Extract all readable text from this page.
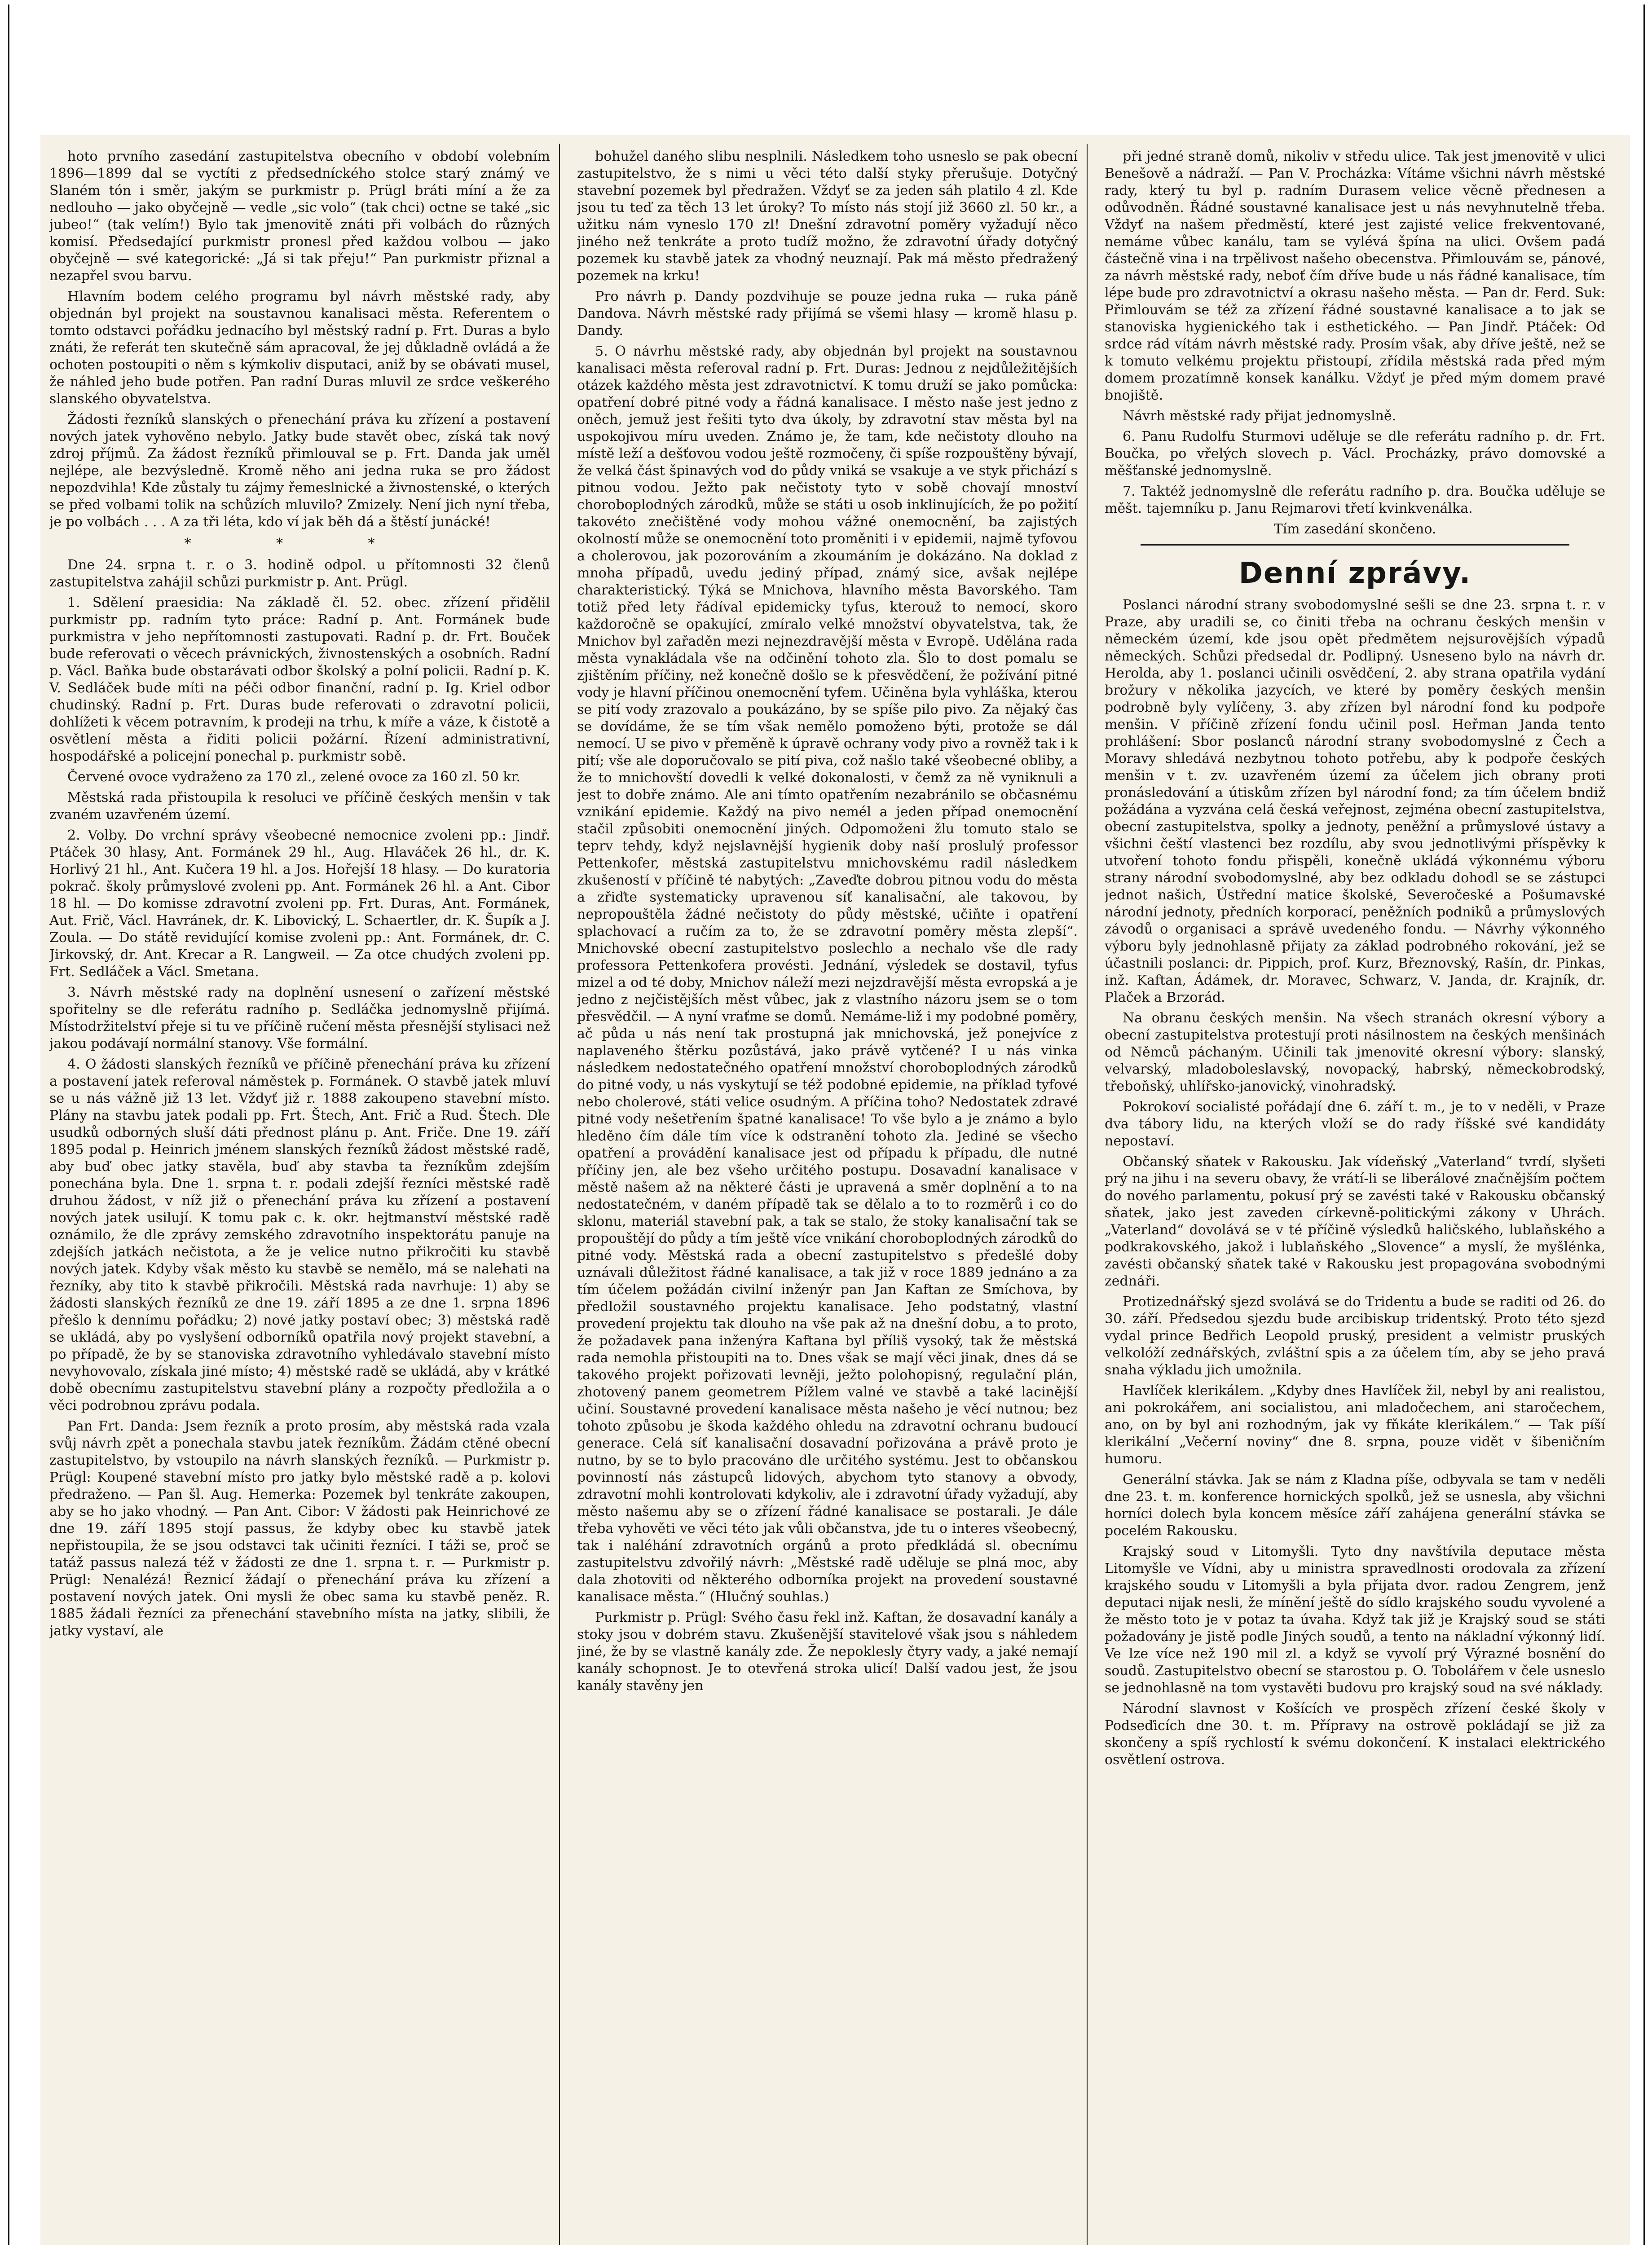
hoto prvního zasedání zastupitelstva obecního v období volebním 1896—1899 dal se vyctíti z předsedníckého stolce starý známý ve Slaném tón i směr, jakým se purkmistr p. Prügl bráti míní a že za nedlouho — jako obyčejně — vedle „sic volo“ (tak chci) octne se také „sic jubeo!“ (tak velím!) Bylo tak jmenovitě znáti při volbách do různých komisí. Předsedající purkmistr pronesl před každou volbou — jako obyčejně — své kategorické: „Já si tak přeju!“ Pan purkmistr přiznal a nezapřel svou barvu.

Hlavním bodem celého programu byl návrh městské rady, aby objednán byl projekt na soustavnou kanalisaci města. Referentem o tomto odstavci pořádku jednacího byl městský radní p. Frt. Duras a bylo znáti, že referát ten skutečně sám apracoval, že jej důkladně ovládá a že ochoten postoupiti o něm s kýmkoliv disputaci, aniž by se obávati musel, že náhled jeho bude potřen. Pan radní Duras mluvil ze srdce veškerého slanského obyvatelstva.

Žádosti řezníků slanských o přenechání práva ku zřízení a postavení nových jatek vyhověno nebylo. Jatky bude stavět obec, získá tak nový zdroj příjmů. Za žádost řezníků přimlouval se p. Frt. Danda jak uměl nejlépe, ale bezvýsledně. Kromě něho ani jedna ruka se pro žádost nepozdvihla! Kde zůstaly tu zájmy řemeslnické a živnostenské, o kterých se před volbami tolik na schůzích mluvilo? Zmizely. Není jich nyní třeba, je po volbách . . . A za tři léta, kdo ví jak běh dá a štěstí junácké!

* * *

Dne 24. srpna t. r. o 3. hodině odpol. u přítomnosti 32 členů zastupitelstva zahájil schůzi purkmistr p. Ant. Prügl.

1. Sdělení praesidia: Na základě čl. 52. obec. zřízení přidělil purkmistr pp. radním tyto práce: Radní p. Ant. Formánek bude purkmistra v jeho nepřítomnosti zastupovati. Radní p. dr. Frt. Bouček bude referovati o věcech právnických, živnostenských a osobních. Radní p. Václ. Baňka bude obstarávati odbor školský a polní policii. Radní p. K. V. Sedláček bude míti na péči odbor finanční, radní p. Ig. Kriel odbor chudinský. Radní p. Frt. Duras bude referovati o zdravotní policii, dohlížeti k věcem potravním, k prodeji na trhu, k míře a váze, k čistotě a osvětlení města a řiditi policii požární. Řízení administrativní, hospodářské a policejní ponechal p. purkmistr sobě.

Červené ovoce vydraženo za 170 zl., zelené ovoce za 160 zl. 50 kr.

Městská rada přistoupila k resoluci ve příčině českých menšin v tak zvaném uzavřeném území.

2. Volby. Do vrchní správy všeobecné nemocnice zvoleni pp.: Jindř. Ptáček 30 hlasy, Ant. Formánek 29 hl., Aug. Hlaváček 26 hl., dr. K. Horlivý 21 hl., Ant. Kučera 19 hl. a Jos. Hořejší 18 hlasy. — Do kuratoria pokrač. školy průmyslové zvoleni pp. Ant. Formánek 26 hl. a Ant. Cibor 18 hl. — Do komisse zdravotní zvoleni pp. Frt. Duras, Ant. Formánek, Aut. Frič, Václ. Havránek, dr. K. Libovický, L. Schaertler, dr. K. Šupík a J. Zoula. — Do státě revidující komise zvoleni pp.: Ant. Formánek, dr. C. Jirkovský, dr. Ant. Krecar a R. Langweil. — Za otce chudých zvoleni pp. Frt. Sedláček a Václ. Smetana.

3. Návrh městské rady na doplnění usnesení o zařízení městské spořitelny se dle referátu radního p. Sedláčka jednomyslně přijímá. Místodržitelství přeje si tu ve příčině ručení města přesnější stylisaci než jakou podávají normální stanovy. Vše formální.

4. O žádosti slanských řezníků ve příčině přenechání práva ku zřízení a postavení jatek referoval náměstek p. Formánek. O stavbě jatek mluví se u nás vážně již 13 let. Vždyť již r. 1888 zakoupeno stavební místo. Plány na stavbu jatek podali pp. Frt. Štech, Ant. Frič a Rud. Štech. Dle usudků odborných sluší dáti přednost plánu p. Ant. Friče. Dne 19. září 1895 podal p. Heinrich jménem slanských řezníků žádost městské radě, aby buď obec jatky stavěla, buď aby stavba ta řezníkům zdejším ponechána byla. Dne 1. srpna t. r. podali zdejší řezníci městské radě druhou žádost, v níž již o přenechání práva ku zřízení a postavení nových jatek usilují. K tomu pak c. k. okr. hejtmanství městské radě oznámilo, že dle zprávy zemského zdravotního inspektorátu panuje na zdejších jatkách nečistota, a že je velice nutno přikročiti ku stavbě nových jatek. Kdyby však město ku stavbě se nemělo, má se nalehati na řezníky, aby tito k stavbě přikročili. Městská rada navrhuje: 1) aby se žádosti slanských řezníků ze dne 19. září 1895 a ze dne 1. srpna 1896 přešlo k dennímu pořádku; 2) nové jatky postaví obec; 3) městská radě se ukládá, aby po vyslyšení odborníků opatřila nový projekt stavební, a po případě, že by se stanoviska zdravotního vyhledávalo stavební místo nevyhovovalo, získala jiné místo; 4) městské radě se ukládá, aby v krátké době obecnímu zastupitelstvu stavební plány a rozpočty předložila a o věci podrobnou zprávu podala.

Pan Frt. Danda: Jsem řezník a proto prosím, aby městská rada vzala svůj návrh zpět a ponechala stavbu jatek řezníkům. Žádám ctěné obecní zastupitelstvo, by vstoupilo na návrh slanských řezníků. — Purkmistr p. Prügl: Koupené stavební místo pro jatky bylo městské radě a p. kolovi předraženo. — Pan šl. Aug. Hemerka: Pozemek byl tenkráte zakoupen, aby se ho jako vhodný. — Pan Ant. Cibor: V žádosti pak Heinrichové ze dne 19. září 1895 stojí passus, že kdyby obec ku stavbě jatek nepřistoupila, že se jsou odstavci tak učiniti řezníci. I táži se, proč se tatáž passus nalezá též v žádosti ze dne 1. srpna t. r. — Purkmistr p. Prügl: Nenalézá! Řeznicí žádají o přenechání práva ku zřízení a postavení nových jatek. Oni mysli že obec sama ku stavbě peněz. R. 1885 žádali řezníci za přenechání stavebního místa na jatky, slibili, že jatky vystaví, ale

bohužel daného slibu nesplnili. Následkem toho usneslo se pak obecní zastupitelstvo, že s nimi u věci této další styky přerušuje. Dotyčný stavební pozemek byl předražen. Vždyť se za jeden sáh platilo 4 zl. Kde jsou tu teď za těch 13 let úroky? To místo nás stojí již 3660 zl. 50 kr., a užitku nám vyneslo 170 zl! Dnešní zdravotní poměry vyžadují něco jiného než tenkráte a proto tudíž možno, že zdravotní úřady dotyčný pozemek ku stavbě jatek za vhodný neuznají. Pak má město předražený pozemek na krku!

Pro návrh p. Dandy pozdvihuje se pouze jedna ruka — ruka páně Dandova. Návrh městské rady přijímá se všemi hlasy — kromě hlasu p. Dandy.

5. O návrhu městské rady, aby objednán byl projekt na soustavnou kanalisaci města referoval radní p. Frt. Duras: Jednou z nejdůležitějších otázek každého města jest zdravotnictví. K tomu druží se jako pomůcka: opatření dobré pitné vody a řádná kanalisace. I město naše jest jedno z oněch, jemuž jest řešiti tyto dva úkoly, by zdravotní stav města byl na uspokojivou míru uveden. Známo je, že tam, kde nečistoty dlouho na místě leží a dešťovou vodou ještě rozmočeny, či spíše rozpouštěny bývají, že velká část špinavých vod do půdy vniká se vsakuje a ve styk přichází s pitnou vodou. Ježto pak nečistoty tyto v sobě chovají mnoství choroboplodných zárodků, může se státi u osob inklinujících, že po požití takovéto znečištěné vody mohou vážné onemocnění, ba zajistých okolností může se onemocnění toto proměniti i v epidemii, najmě tyfovou a cholerovou, jak pozorováním a zkoumáním je dokázáno. Na doklad z mnoha případů, uvedu jediný případ, známý sice, avšak nejlépe charakteristický. Týká se Mnichova, hlavního města Bavorského. Tam totiž před lety řádíval epidemicky tyfus, kterouž to nemocí, skoro každoročně se opakující, zmíralo velké množství obyvatelstva, tak, že Mnichov byl zařaděn mezi nejnezdravější města v Evropě. Udělána rada města vynakládala vše na odčinění tohoto zla. Šlo to dost pomalu se zjištěním příčiny, než konečně došlo se k přesvědčení, že požívání pitné vody je hlavní příčinou onemocnění tyfem. Učiněna byla vyhláška, kterou se pití vody zrazovalo a poukázáno, by se spíše pilo pivo. Za nějaký čas se dovídáme, že se tím však nemělo pomoženo býti, protože se dál nemocí. U se pivo v přeměně k úpravě ochrany vody pivo a rovněž tak i k pití; vše ale doporučovalo se pití piva, což našlo také všeobecné obliby, a že to mnichovští dovedli k velké dokonalosti, v čemž za ně vyniknuli a jest to dobře známo. Ale ani tímto opatřením nezabránilo se občasnému vznikání epidemie. Každý na pivo nemél a jeden případ onemocnění stačil způsobiti onemocnění jiných. Odpomoženi žlu tomuto stalo se teprv tehdy, když nejslavnější hygienik doby naší proslulý professor Pettenkofer, městská zastupitelstvu mnichovskému radil následkem zkušeností v příčině té nabytých: „Zaveďte dobrou pitnou vodu do města a zřiďte systematicky upravenou síť kanalisační, ale takovou, by nepropouštěla žádné nečistoty do půdy městské, učiňte i opatření splachovací a ručím za to, že se zdravotní poměry města zlepší“. Mnichovské obecní zastupitelstvo poslechlo a nechalo vše dle rady professora Pettenkofera provésti. Jednání, výsledek se dostavil, tyfus mizel a od té doby, Mnichov náleží mezi nejzdravější města evropská a je jedno z nejčistějších měst vůbec, jak z vlastního názoru jsem se o tom přesvědčil. — A nyní vraťme se domů. Nemáme-liž i my podobné poměry, ač půda u nás není tak prostupná jak mnichovská, jež ponejvíce z naplaveného štěrku pozůstává, jako právě vytčené? I u nás vinka následkem nedostatečného opatření množství choroboplodných zárodků do pitné vody, u nás vyskytují se též podobné epidemie, na příklad tyfové nebo cholerové, státi velice osudným. A příčina toho? Nedostatek zdravé pitné vody nešetřením špatné kanalisace! To vše bylo a je známo a bylo hleděno čím dále tím více k odstranění tohoto zla. Jediné se všecho opatření a provádění kanalisace jest od případu k případu, dle nutné příčiny jen, ale bez všeho určitého postupu. Dosavadní kanalisace v městě našem až na některé části je upravená a směr doplnění a to na nedostatečném, v daném případě tak se dělalo a to to rozměrů i co do sklonu, materiál stavební pak, a tak se stalo, že stoky kanalisační tak se propouštějí do půdy a tím ještě více vnikání choroboplodných zárodků do pitné vody. Městská rada a obecní zastupitelstvo s předešlé doby uznávali důležitost řádné kanalisace, a tak již v roce 1889 jednáno a za tím účelem požádán civilní inženýr pan Jan Kaftan ze Smíchova, by předložil soustavného projektu kanalisace. Jeho podstatný, vlastní provedení projektu tak dlouho na vše pak až na dnešní dobu, a to proto, že požadavek pana inženýra Kaftana byl příliš vysoký, tak že městská rada nemohla přistoupiti na to. Dnes však se mají věci jinak, dnes dá se takového projekt pořizovati levněji, ježto polohopisný, regulační plán, zhotovený panem geometrem Pížlem valné ve stavbě a také lacinější učiní. Soustavné provedení kanalisace města našeho je věcí nutnou; bez tohoto způsobu je škoda každého ohledu na zdravotní ochranu budoucí generace. Celá síť kanalisační dosavadní pořizována a právě proto je nutno, by se to bylo pracováno dle určitého systému. Jest to občanskou povinností nás zástupců lidových, abychom tyto stanovy a obvody, zdravotní mohli kontrolovati kdykoliv, ale i zdravotní úřady vyžadují, aby město našemu aby se o zřízení řádné kanalisace se postarali. Je dále třeba vyhověti ve věci této jak vůli občanstva, jde tu o interes všeobecný, tak i naléhání zdravotních orgánů a proto předkládá sl. obecnímu zastupitelstvu zdvořilý návrh: „Městské radě uděluje se plná moc, aby dala zhotoviti od některého odborníka projekt na provedení soustavné kanalisace města.“ (Hlučný souhlas.)

Purkmistr p. Prügl: Svého času řekl inž. Kaftan, že dosavadní kanály a stoky jsou v dobrém stavu. Zkušenější stavitelové však jsou s náhledem jiné, že by se vlastně kanály zde. Že nepoklesly čtyry vady, a jaké nemají kanály schopnost. Je to otevřená stroka ulicí! Další vadou jest, že jsou kanály stavěny jen

při jedné straně domů, nikoliv v středu ulice. Tak jest jmenovitě v ulici Benešově a nádraží. — Pan V. Procházka: Vítáme všichni návrh městské rady, který tu byl p. radním Durasem velice věcně přednesen a odůvodněn. Řádné soustavné kanalisace jest u nás nevyhnutelně třeba. Vždyť na našem předměstí, které jest zajisté velice frekventované, nemáme vůbec kanálu, tam se vylévá špína na ulici. Ovšem padá částečně vina i na trpělivost našeho obecenstva. Přimlouvám se, pánové, za návrh městské rady, neboť čím dříve bude u nás řádné kanalisace, tím lépe bude pro zdravotnictví a okrasu našeho města. — Pan dr. Ferd. Suk: Přimlouvám se též za zřízení řádné soustavné kanalisace a to jak se stanoviska hygienického tak i esthetického. — Pan Jindř. Ptáček: Od srdce rád vítám návrh městské rady. Prosím však, aby dříve ještě, než se k tomuto velkému projektu přistoupí, zřídila městská rada před mým domem prozatímně konsek kanálku. Vždyť je před mým domem pravé bnojiště.

Návrh městské rady přijat jednomyslně.

6. Panu Rudolfu Sturmovi uděluje se dle referátu radního p. dr. Frt. Boučka, po vřelých slovech p. Václ. Procházky, právo domovské a měšťanské jednomyslně.

7. Taktéž jednomyslně dle referátu radního p. dra. Boučka uděluje se měšt. tajemníku p. Janu Rejmarovi třetí kvinkvenálka.

Tím zasedání skončeno.

Denní zprávy.

Poslanci národní strany svobodomyslné sešli se dne 23. srpna t. r. v Praze, aby uradili se, co činiti třeba na ochranu českých menšin v německém území, kde jsou opět předmětem nejsurovějších výpadů německých. Schůzi předsedal dr. Podlipný. Usneseno bylo na návrh dr. Herolda, aby 1. poslanci učinili osvědčení, 2. aby strana opatřila vydání brožury v několika jazycích, ve které by poměry českých menšin podrobně byly vylíčeny, 3. aby zřízen byl národní fond ku podpoře menšin. V příčině zřízení fondu učinil posl. Heřman Janda tento prohlášení: Sbor poslanců národní strany svobodomyslné z Čech a Moravy shledává nezbytnou tohoto potřebu, aby k podpoře českých menšin v t. zv. uzavřeném území za účelem jich obrany proti pronásledování a útiskům zřízen byl národní fond; za tím účelem bndiž požádána a vyzvána celá česká veřejnost, zejména obecní zastupitelstva, obecní zastupitelstva, spolky a jednoty, peněžní a průmyslové ústavy a všichni čeští vlastenci bez rozdílu, aby svou jednotlivými příspěvky k utvoření tohoto fondu přispěli, konečně ukládá výkonnému výboru strany národní svobodomyslné, aby bez odkladu dohodl se se zástupci jednot našich, Ústřední matice školské, Severočeské a Pošumavské národní jednoty, předních korporací, peněžních podniků a průmyslových závodů o organisaci a správě uvedeného fondu. — Návrhy výkonného výboru byly jednohlasně přijaty za základ podrobného rokování, jež se účastnili poslanci: dr. Pippich, prof. Kurz, Březnovský, Rašín, dr. Pinkas, inž. Kaftan, Ádámek, dr. Moravec, Schwarz, V. Janda, dr. Krajník, dr. Plaček a Brzorád.

Na obranu českých menšin. Na všech stranách okresní výbory a obecní zastupitelstva protestují proti násilnostem na českých menšinách od Němců páchaným. Učinili tak jmenovité okresní výbory: slanský, velvarský, mladoboleslavský, novopacký, habrský, německobrodský, třeboňský, uhlířsko-janovický, vinohradský.

Pokrokoví socialisté pořádají dne 6. září t. m., je to v neděli, v Praze dva tábory lidu, na kterých vloží se do rady říšské své kandidáty nepostaví.

Občanský sňatek v Rakousku. Jak vídeňský „Vaterland“ tvrdí, slyšeti prý na jihu i na severu obavy, že vrátí-li se liberálové značnějším počtem do nového parlamentu, pokusí prý se zavésti také v Rakousku občanský sňatek, jako jest zaveden církevně-politickými zákony v Uhrách. „Vaterland“ dovolává se v té příčině výsledků haličského, lublaňského a podkrakovského, jakož i lublaňského „Slovence“ a myslí, že myšlénka, zavésti občanský sňatek také v Rakousku jest propagována svobodnými zednáři.

Protizednářský sjezd svolává se do Tridentu a bude se raditi od 26. do 30. září. Předsedou sjezdu bude arcibiskup tridentský. Proto této sjezd vydal prince Bedřich Leopold pruský, president a velmistr pruských velkolóží zednářských, zvláštní spis a za účelem tím, aby se jeho pravá snaha výkladu jich umožnila.

Havlíček klerikálem. „Kdyby dnes Havlíček žil, nebyl by ani realistou, ani pokrokářem, ani socialistou, ani mladočechem, ani staročechem, ano, on by byl ani rozhodným, jak vy fňkáte klerikálem.“ — Tak píší klerikální „Večerní noviny“ dne 8. srpna, pouze vidět v šibeničním humoru.

Generální stávka. Jak se nám z Kladna píše, odbyvala se tam v neděli dne 23. t. m. konference hornických spolků, jež se usnesla, aby všichni horníci dolech byla koncem měsíce září zahájena generální stávka se pocelém Rakousku.

Krajský soud v Litomyšli. Tyto dny navštívila deputace města Litomyšle ve Vídni, aby u ministra spravedlnosti orodovala za zřízení krajského soudu v Litomyšli a byla přijata dvor. radou Zengrem, jenž deputaci nijak nesli, že mínění ještě do sídlo krajského soudu vyvolené a že město toto je v potaz ta úvaha. Když tak již je Krajský soud se státi požadovány je jistě podle Jiných soudů, a tento na nákladní výkonný lidí. Ve lze více než 190 mil zl. a když se vyvolí prý Výrazné bosnění do soudů. Zastupitelstvo obecní se starostou p. O. Tobolářem v čele usneslo se jednohlasně na tom vystavěti budovu pro krajský soud na své náklady.

Národní slavnost v Košících ve prospěch zřízení české školy v Podseďicích dne 30. t. m. Přípravy na ostrově pokládají se již za skončeny a spíš rychlostí k svému dokončení. K instalaci elektrického osvětlení ostrova.
